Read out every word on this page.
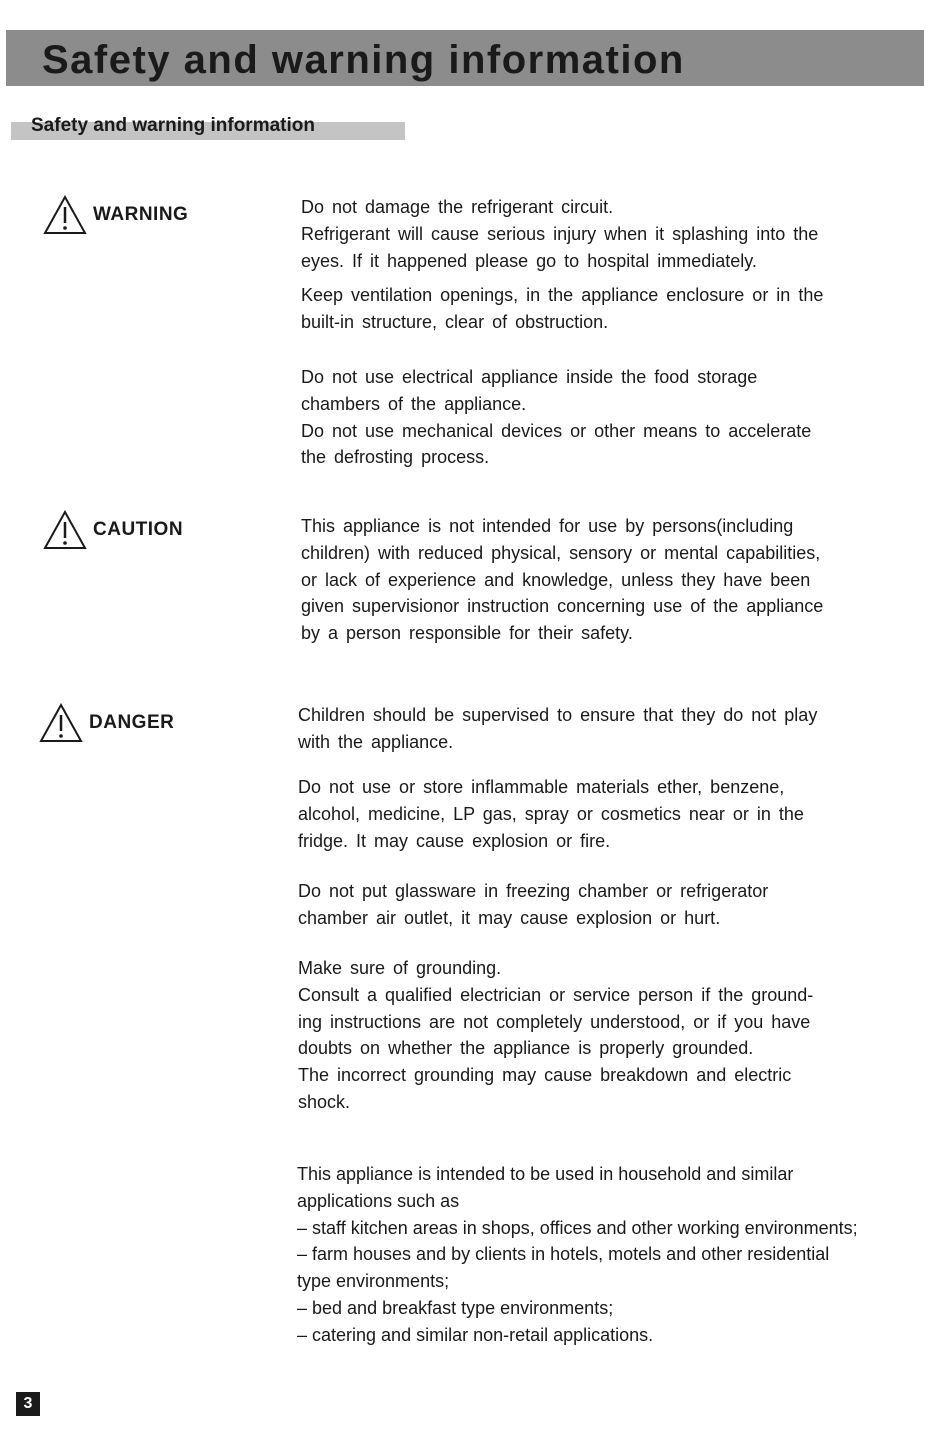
Safety and warning information
Safety and warning information
WARNING	Do not damage the refrigerant circuit.
Refrigerant will cause serious injury when it splashing into the
eyes. If it happened please go to hospital immediately.
Keep ventilation openings, in the appliance enclosure or in the
built-in structure, clear of obstruction.
Do not use electrical appliance inside the food storage
chambers of the appliance.
Do not use mechanical devices or other means to accelerate
the defrosting process.
CAUTION	This appliance is not intended for use by persons(including
children) with reduced physical, sensory or mental capabilities,
or lack of experience and knowledge, unless they have been
given supervisionor instruction concerning use of the appliance
by a person responsible for their safety.
DANGER	Children should be supervised to ensure that they do not play
with the appliance.
Do not use or store inflammable materials ether, benzene,
alcohol, medicine, LP gas, spray or cosmetics near or in the
fridge. It may cause explosion or fire.
Do not put glassware in freezing chamber or refrigerator
chamber air outlet, it may cause explosion or hurt.
Make sure of grounding.
Consult a qualified electrician or service person if the ground-
ing instructions are not completely understood, or if you have
doubts on whether the appliance is properly grounded.
The incorrect grounding may cause breakdown and electric
shock.
This appliance is intended to be used in household and similar
applications such as
– staff kitchen areas in shops, offices and other working environments;
– farm houses and by clients in hotels, motels and other residential
type environments;
– bed and breakfast type environments;
– catering and similar non-retail applications.
3
